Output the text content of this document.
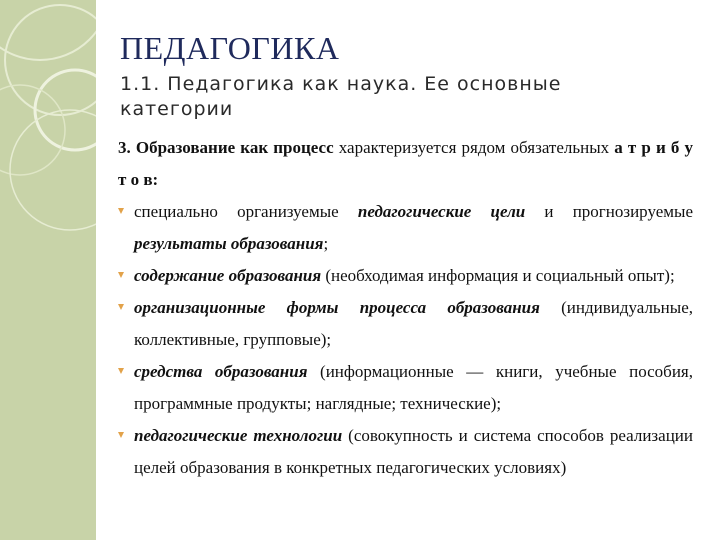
ПЕДАГОГИКА
1.1. Педагогика как наука. Ее основные категории

3. Образование как процесс характеризуется рядом обязательных а т р и б у т о в:

специально организуемые педагогические цели и прогнозируемые результаты образования;
содержание образования (необходимая информация и социальный опыт);
организационные формы процесса образования (индивидуальные, коллективные, групповые);
средства образования (информационные — книги, учебные пособия, программные продукты; наглядные; технические);
педагогические технологии (совокупность и система способов реализации целей образования в конкретных педагогических условиях)
